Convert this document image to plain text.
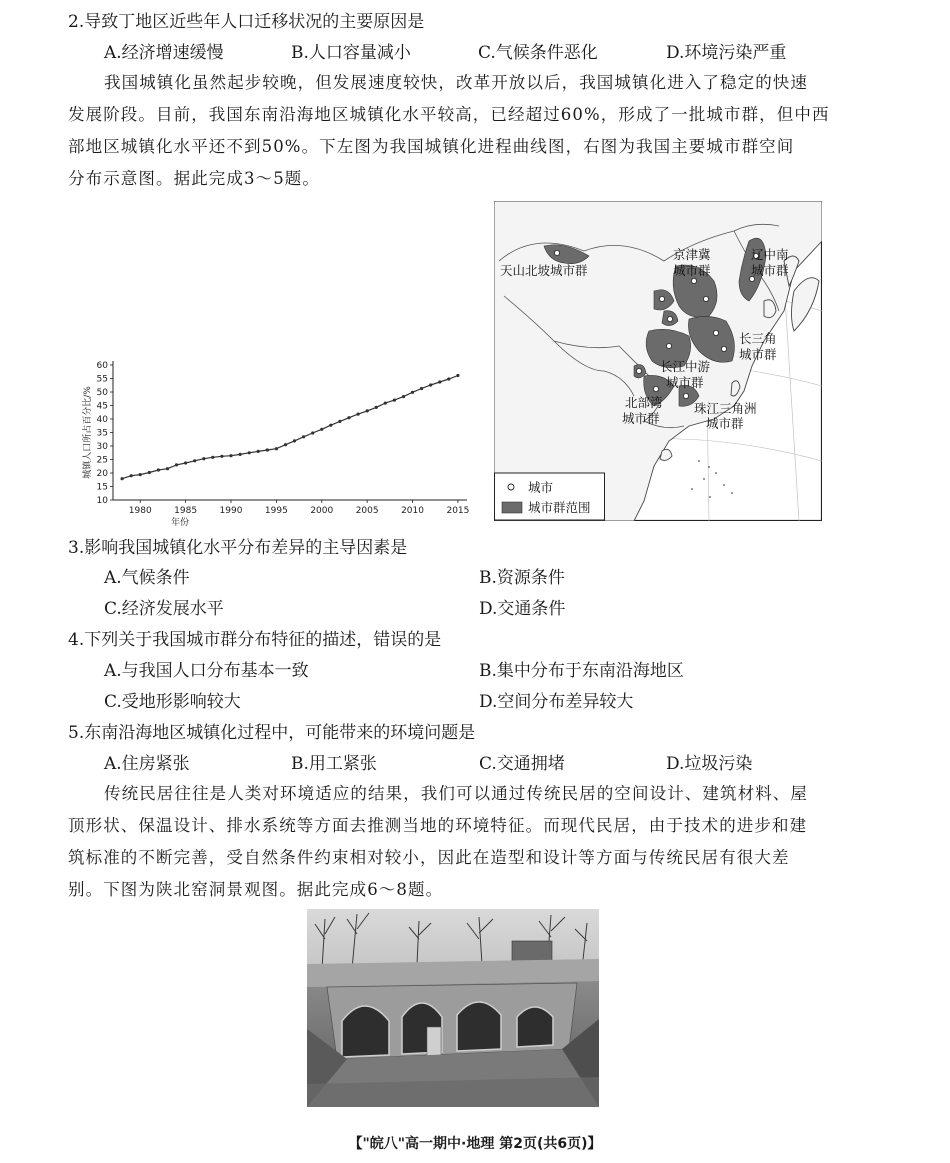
2.导致丁地区近些年人口迁移状况的主要原因是
A.经济增速缓慢	B.人口容量减小	C.气候条件恶化	D.环境污染严重
我国城镇化虽然起步较晚，但发展速度较快，改革开放以后，我国城镇化进入了稳定的快速
发展阶段。目前，我国东南沿海地区城镇化水平较高，已经超过60%，形成了一批城市群，但中西
部地区城镇化水平还不到50%。下左图为我国城镇化进程曲线图，右图为我国主要城市群空间
分布示意图。据此完成3～5题。
10
15
20
25
30
35
40
45
50
55
60
1980 1985 1990 1995 2000 2005 2010 2015
年份
城镇人口所占百分比/%
天山北坡城市群
京津冀
城市群
辽中南
城市群
长三角
城市群
长江中游
城市群
北部湾
城市群
珠江三角洲
城市群
城市
城市群范围
3.影响我国城镇化水平分布差异的主导因素是
A.气候条件	B.资源条件
C.经济发展水平	D.交通条件
4.下列关于我国城市群分布特征的描述，错误的是
A.与我国人口分布基本一致	B.集中分布于东南沿海地区
C.受地形影响较大	D.空间分布差异较大
5.东南沿海地区城镇化过程中，可能带来的环境问题是
A.住房紧张	B.用工紧张	C.交通拥堵	D.垃圾污染
传统民居往往是人类对环境适应的结果，我们可以通过传统民居的空间设计、建筑材料、屋
顶形状、保温设计、排水系统等方面去推测当地的环境特征。而现代民居，由于技术的进步和建
筑标准的不断完善，受自然条件约束相对较小，因此在造型和设计等方面与传统民居有很大差
别。下图为陕北窑洞景观图。据此完成6～8题。
【"皖八"高一期中·地理 第2页(共6页)】
